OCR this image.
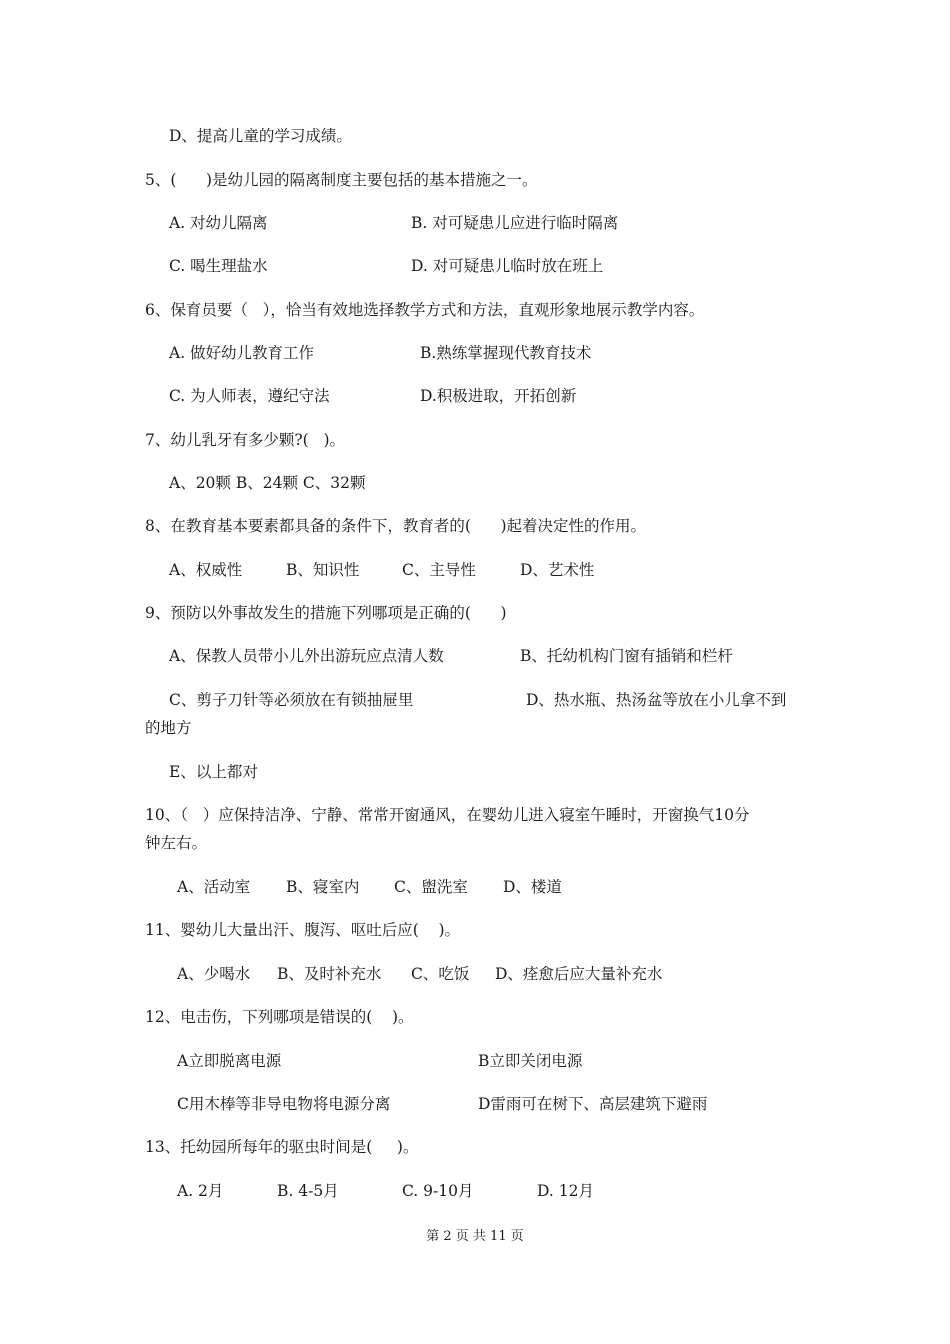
D、提高儿童的学习成绩。
5、(      )是幼儿园的隔离制度主要包括的基本措施之一。
A. 对幼儿隔离	B. 对可疑患儿应进行临时隔离
C. 喝生理盐水	D. 对可疑患儿临时放在班上
6、保育员要（   ），恰当有效地选择教学方式和方法，直观形象地展示教学内容。
A. 做好幼儿教育工作	B.熟练掌握现代教育技术
C. 为人师表，遵纪守法	D.积极进取，开拓创新
7、幼儿乳牙有多少颗?(   )。
A、20颗 B、24颗 C、32颗
8、在教育基本要素都具备的条件下，教育者的(      )起着决定性的作用。
A、权威性	B、知识性	C、主导性	D、艺术性
9、预防以外事故发生的措施下列哪项是正确的(      )
A、保教人员带小儿外出游玩应点清人数	B、托幼机构门窗有插销和栏杆
C、剪子刀针等必须放在有锁抽屉里	D、热水瓶、热汤盆等放在小儿拿不到
的地方
E、以上都对
10、（   ）应保持洁净、宁静、常常开窗通风，在婴幼儿进入寝室午睡时，开窗换气10分
钟左右。
A、活动室 B、寝室内 C、盥洗室 D、楼道
11、婴幼儿大量出汗、腹泻、呕吐后应(    )。
A、少喝水 B、及时补充水 C、吃饭 D、痊愈后应大量补充水
12、电击伤，下列哪项是错误的(    )。
A立即脱离电源	B立即关闭电源
C用木棒等非导电物将电源分离	D雷雨可在树下、高层建筑下避雨
13、托幼园所每年的驱虫时间是(     )。
A. 2月	B. 4-5月	C. 9-10月	D. 12月
第 2 页 共 11 页
